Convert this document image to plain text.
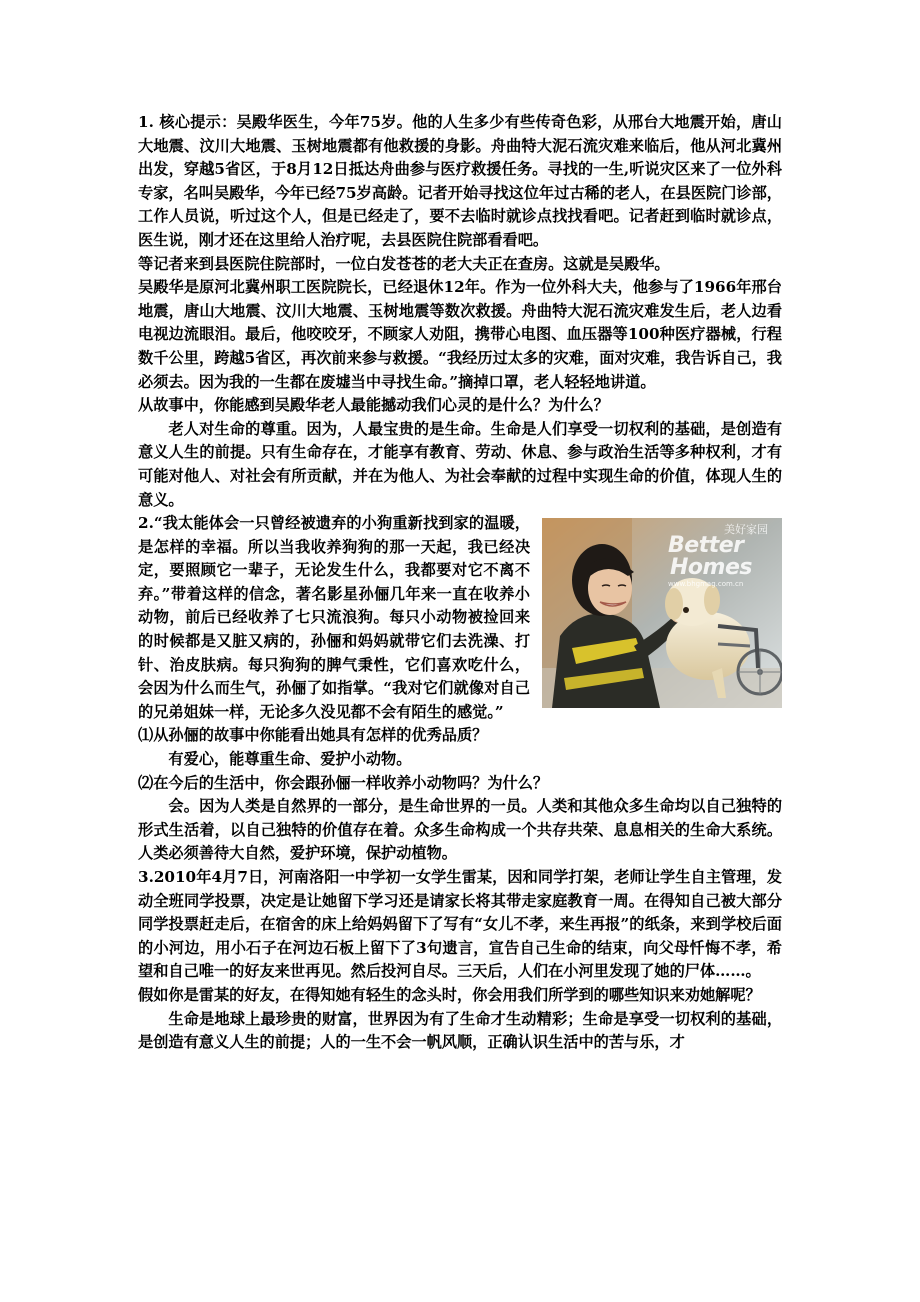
1. 核心提示：吴殿华医生，今年75岁。他的人生多少有些传奇色彩，从邢台大地震开始，唐山大地震、汶川大地震、玉树地震都有他救援的身影。舟曲特大泥石流灾难来临后，他从河北冀州出发，穿越5省区，于8月12日抵达舟曲参与医疗救援任务。寻找的一生,听说灾区来了一位外科专家，名叫吴殿华，今年已经75岁高龄。记者开始寻找这位年过古稀的老人，在县医院门诊部，工作人员说，听过这个人，但是已经走了，要不去临时就诊点找找看吧。记者赶到临时就诊点，医生说，刚才还在这里给人治疗呢，去县医院住院部看看吧。

等记者来到县医院住院部时，一位白发苍苍的老大夫正在查房。这就是吴殿华。

吴殿华是原河北冀州职工医院院长，已经退休12年。作为一位外科大夫，他参与了1966年邢台地震，唐山大地震、汶川大地震、玉树地震等数次救援。舟曲特大泥石流灾难发生后，老人边看电视边流眼泪。最后，他咬咬牙，不顾家人劝阻，携带心电图、血压器等100种医疗器械，行程数千公里，跨越5省区，再次前来参与救援。“我经历过太多的灾难，面对灾难，我告诉自己，我必须去。因为我的一生都在废墟当中寻找生命。”摘掉口罩，老人轻轻地讲道。

从故事中，你能感到吴殿华老人最能撼动我们心灵的是什么？为什么？

老人对生命的尊重。因为，人最宝贵的是生命。生命是人们享受一切权利的基础，是创造有意义人生的前提。只有生命存在，才能享有教育、劳动、休息、参与政治生活等多种权利，才有可能对他人、对社会有所贡献，并在为他人、为社会奉献的过程中实现生命的价值，体现人生的意义。

美好家园
Better
Homes
www.bhgmag.com.cn

2.“我太能体会一只曾经被遗弃的小狗重新找到家的温暖，是怎样的幸福。所以当我收养狗狗的那一天起，我已经决定，要照顾它一辈子，无论发生什么，我都要对它不离不弃。”带着这样的信念，著名影星孙俪几年来一直在收养小动物，前后已经收养了七只流浪狗。每只小动物被捡回来的时候都是又脏又病的，孙俪和妈妈就带它们去洗澡、打针、治皮肤病。每只狗狗的脾气秉性，它们喜欢吃什么，会因为什么而生气，孙俪了如指掌。“我对它们就像对自己的兄弟姐妹一样，无论多久没见都不会有陌生的感觉。”

⑴从孙俪的故事中你能看出她具有怎样的优秀品质？

有爱心，能尊重生命、爱护小动物。

⑵在今后的生活中，你会跟孙俪一样收养小动物吗？为什么？

会。因为人类是自然界的一部分，是生命世界的一员。人类和其他众多生命均以自己独特的形式生活着，以自己独特的价值存在着。众多生命构成一个共存共荣、息息相关的生命大系统。人类必须善待大自然，爱护环境，保护动植物。

3.2010年4月7日，河南洛阳一中学初一女学生雷某，因和同学打架，老师让学生自主管理，发动全班同学投票，决定是让她留下学习还是请家长将其带走家庭教育一周。在得知自己被大部分同学投票赶走后，在宿舍的床上给妈妈留下了写有“女儿不孝，来生再报”的纸条，来到学校后面的小河边，用小石子在河边石板上留下了3句遗言，宣告自己生命的结束，向父母忏悔不孝，希望和自己唯一的好友来世再见。然后投河自尽。三天后，人们在小河里发现了她的尸体……。

假如你是雷某的好友，在得知她有轻生的念头时，你会用我们所学到的哪些知识来劝她解呢？

生命是地球上最珍贵的财富，世界因为有了生命才生动精彩；生命是享受一切权利的基础，是创造有意义人生的前提；人的一生不会一帆风顺，正确认识生活中的苦与乐，才
